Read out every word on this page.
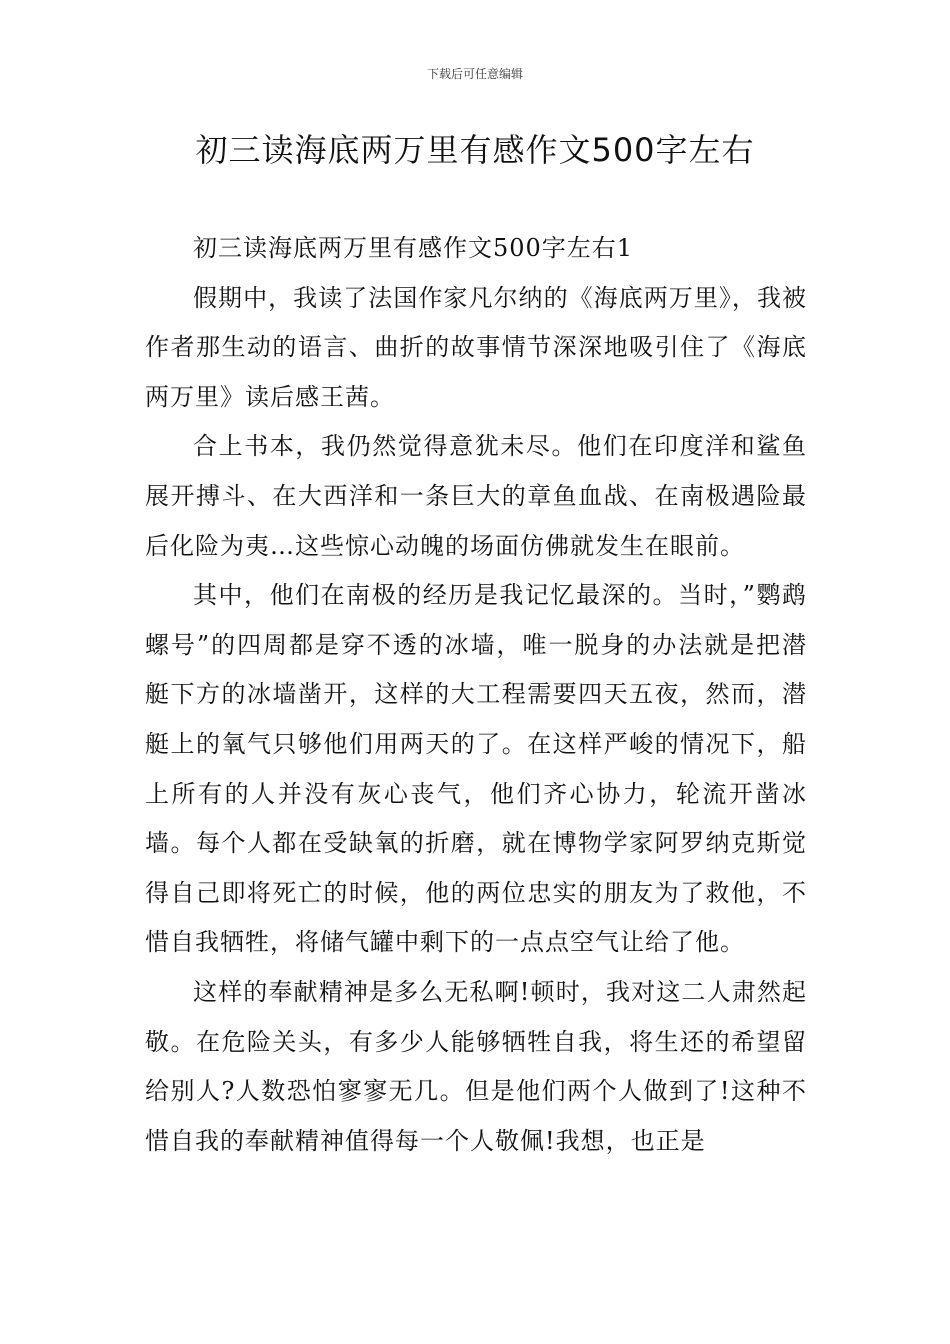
下载后可任意编辑
初三读海底两万里有感作文500字左右

初三读海底两万里有感作文500字左右1

假期中，我读了法国作家凡尔纳的《海底两万里》，我被作者那生动的语言、曲折的故事情节深深地吸引住了《海底两万里》读后感王茜。

合上书本，我仍然觉得意犹未尽。他们在印度洋和鲨鱼展开搏斗、在大西洋和一条巨大的章鱼血战、在南极遇险最后化险为夷…这些惊心动魄的场面仿佛就发生在眼前。

其中，他们在南极的经历是我记忆最深的。当时，”鹦鹉螺号”的四周都是穿不透的冰墙，唯一脱身的办法就是把潜艇下方的冰墙凿开，这样的大工程需要四天五夜，然而，潜艇上的氧气只够他们用两天的了。在这样严峻的情况下，船上所有的人并没有灰心丧气，他们齐心协力，轮流开凿冰墙。每个人都在受缺氧的折磨，就在博物学家阿罗纳克斯觉得自己即将死亡的时候，他的两位忠实的朋友为了救他，不惜自我牺牲，将储气罐中剩下的一点点空气让给了他。

这样的奉献精神是多么无私啊!顿时，我对这二人肃然起敬。在危险关头，有多少人能够牺牲自我，将生还的希望留给别人?人数恐怕寥寥无几。但是他们两个人做到了!这种不惜自我的奉献精神值得每一个人敬佩!我想，也正是
